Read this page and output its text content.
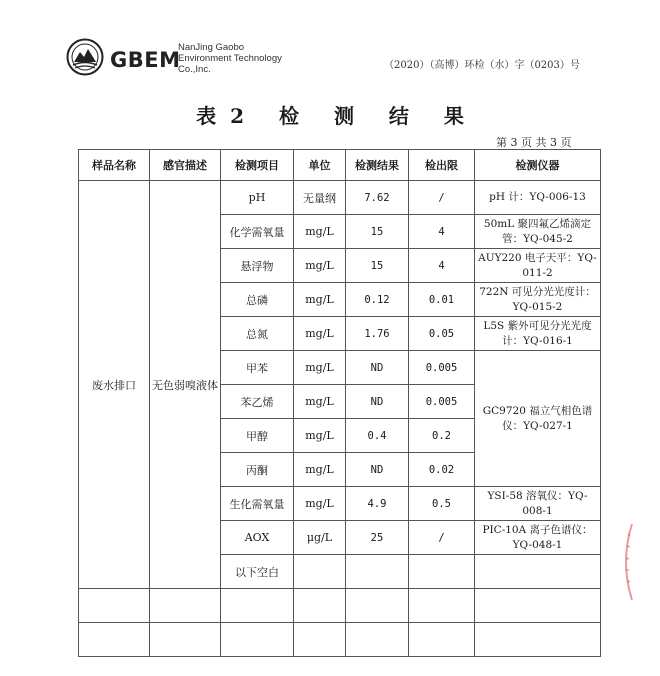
GBEM
NanJing Gaobo
Environment Technology
Co.,Inc.	（2020）（高博）环检（水）字（0203）号
表2 检 测 结 果
第 3 页 共 3 页
样品名称	感官描述	检测项目	单位	检测结果	检出限	检测仪器
废水排口	无色弱嗅液体	pH	无量纲	7.62	/	pH 计：YQ-006-13
		化学需氧量	mg/L	15	4	50mL 聚四氟乙烯滴定管：YQ-045-2
		悬浮物	mg/L	15	4	AUY220 电子天平：YQ-011-2
		总磷	mg/L	0.12	0.01	722N 可见分光光度计：YQ-015-2
		总氮	mg/L	1.76	0.05	L5S 紫外可见分光光度计：YQ-016-1
		甲苯	mg/L	ND	0.005	GC9720 福立气相色谱仪：YQ-027-1
		苯乙烯	mg/L	ND	0.005	
		甲醇	mg/L	0.4	0.2	
		丙酮	mg/L	ND	0.02	
		生化需氧量	mg/L	4.9	0.5	YSI-58 溶氧仪：YQ-008-1
		AOX	μg/L	25	/	PIC-10A 离子色谱仪：YQ-048-1
		以下空白				
